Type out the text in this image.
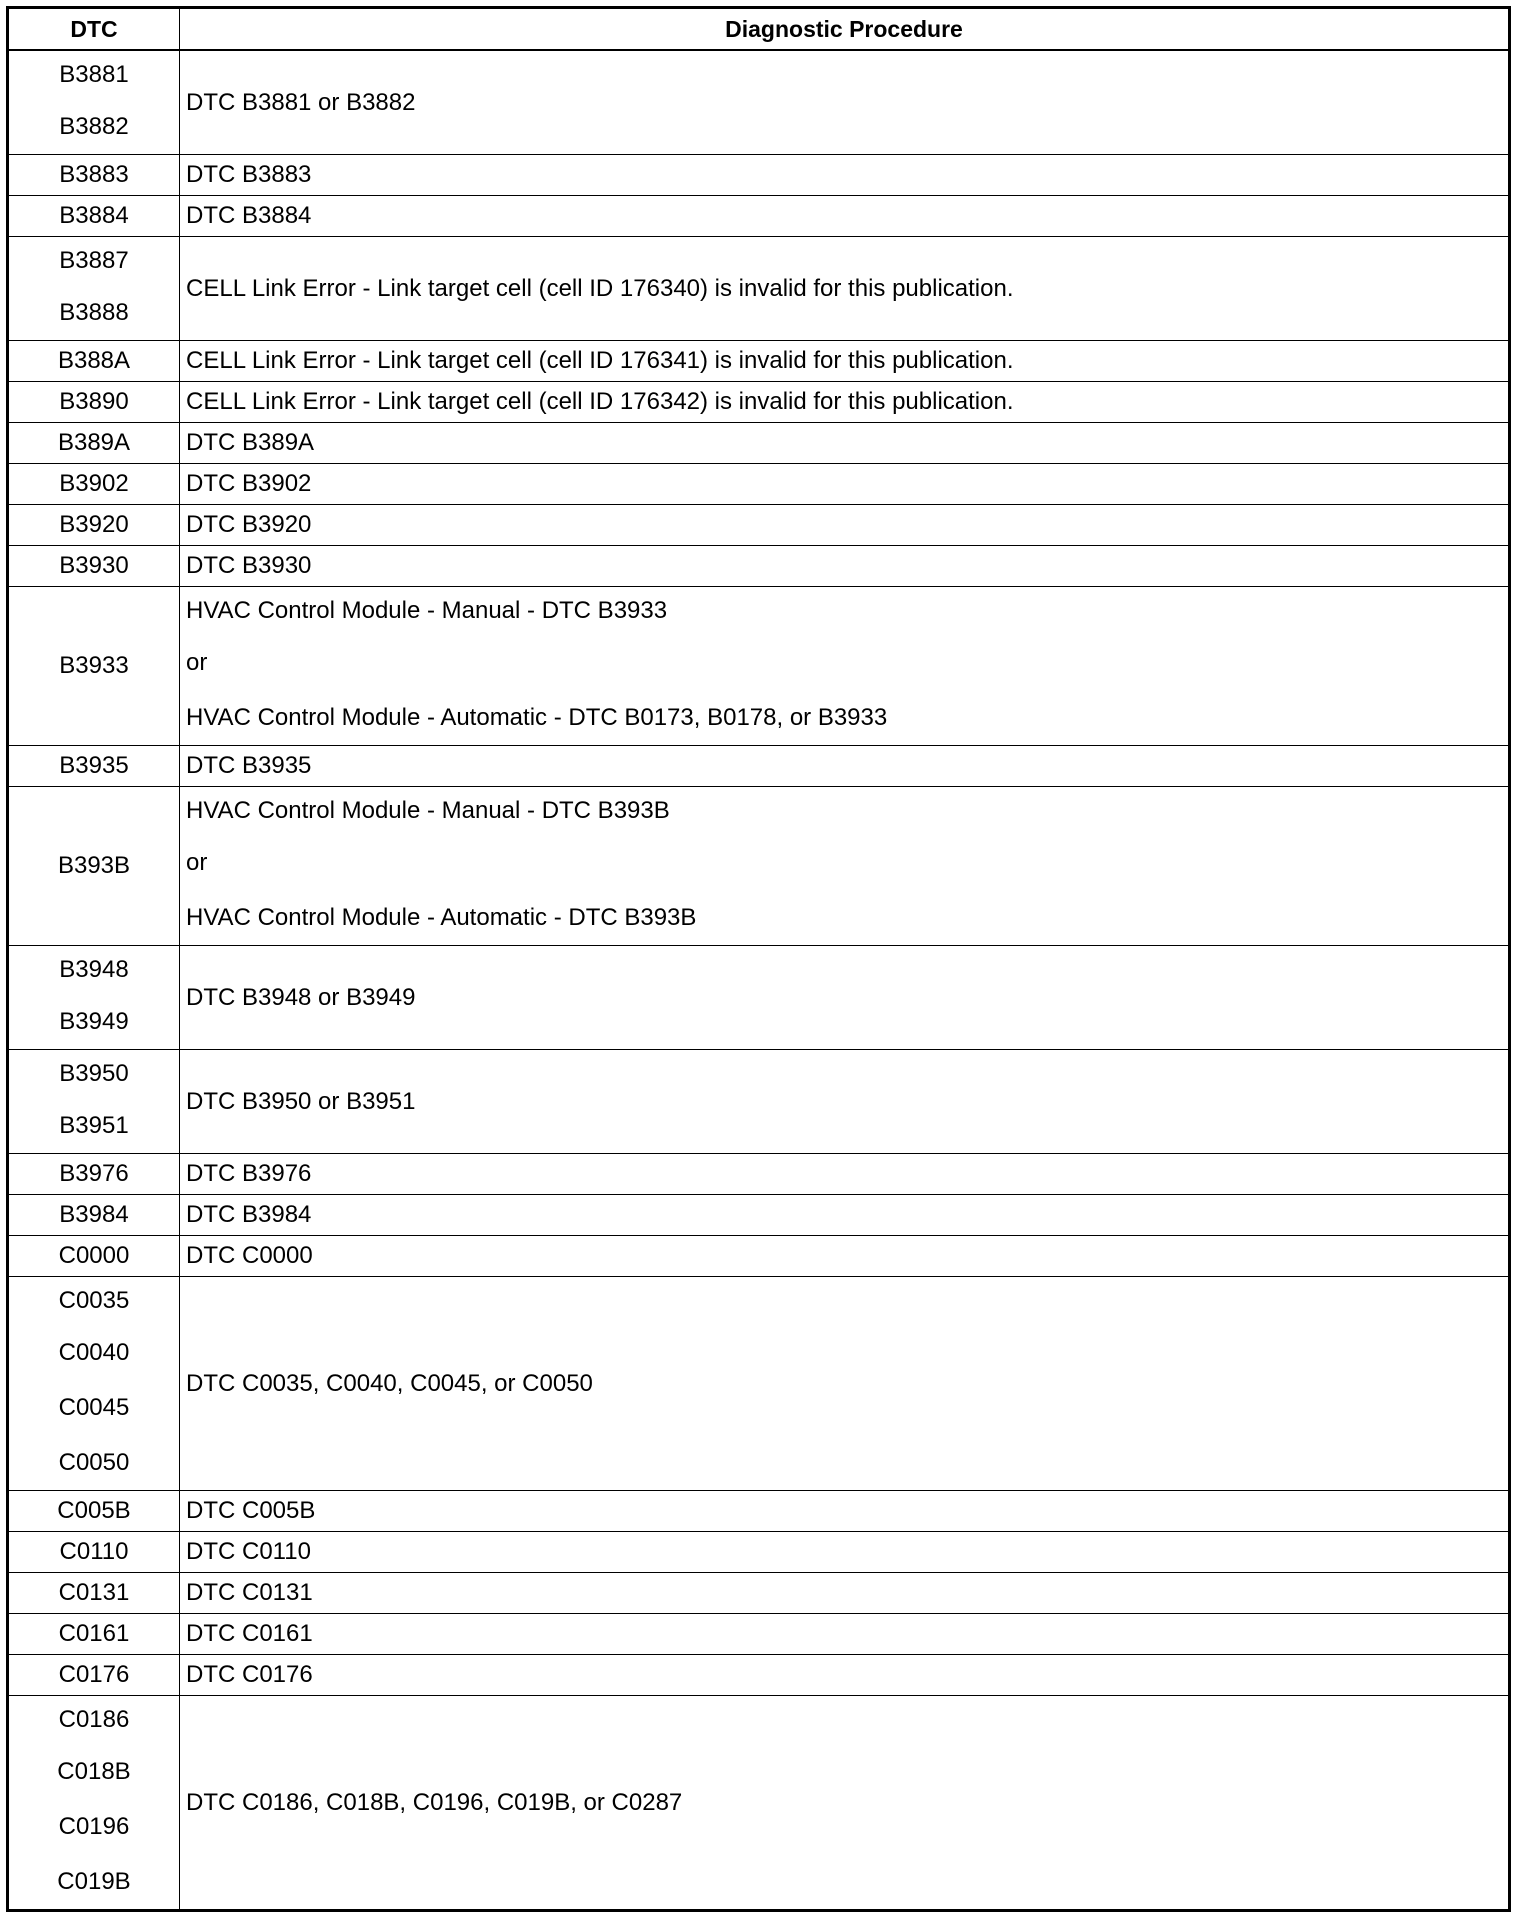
DTC	Diagnostic Procedure

B3881
B3882	DTC B3881 or B3882
B3883	DTC B3883
B3884	DTC B3884

B3887
B3888	CELL Link Error - Link target cell (cell ID 176340) is invalid for this publication.
B388A	CELL Link Error - Link target cell (cell ID 176341) is invalid for this publication.
B3890	CELL Link Error - Link target cell (cell ID 176342) is invalid for this publication.
B389A	DTC B389A
B3902	DTC B3902
B3920	DTC B3920
B3930	DTC B3930
B3933	HVAC Control Module - Manual - DTC B3933
or
HVAC Control Module - Automatic - DTC B0173, B0178, or B3933

B3935	DTC B3935
B393B	HVAC Control Module - Manual - DTC B393B
or
HVAC Control Module - Automatic - DTC B393B

B3948
B3949	DTC B3948 or B3949

B3950
B3951	DTC B3950 or B3951
B3976	DTC B3976
B3984	DTC B3984
C0000	DTC C0000

C0035
C0040
C0045
C0050	DTC C0035, C0040, C0045, or C0050
C005B	DTC C005B
C0110	DTC C0110
C0131	DTC C0131
C0161	DTC C0161
C0176	DTC C0176

C0186
C018B
C0196
C019B	DTC C0186, C018B, C0196, C019B, or C0287
